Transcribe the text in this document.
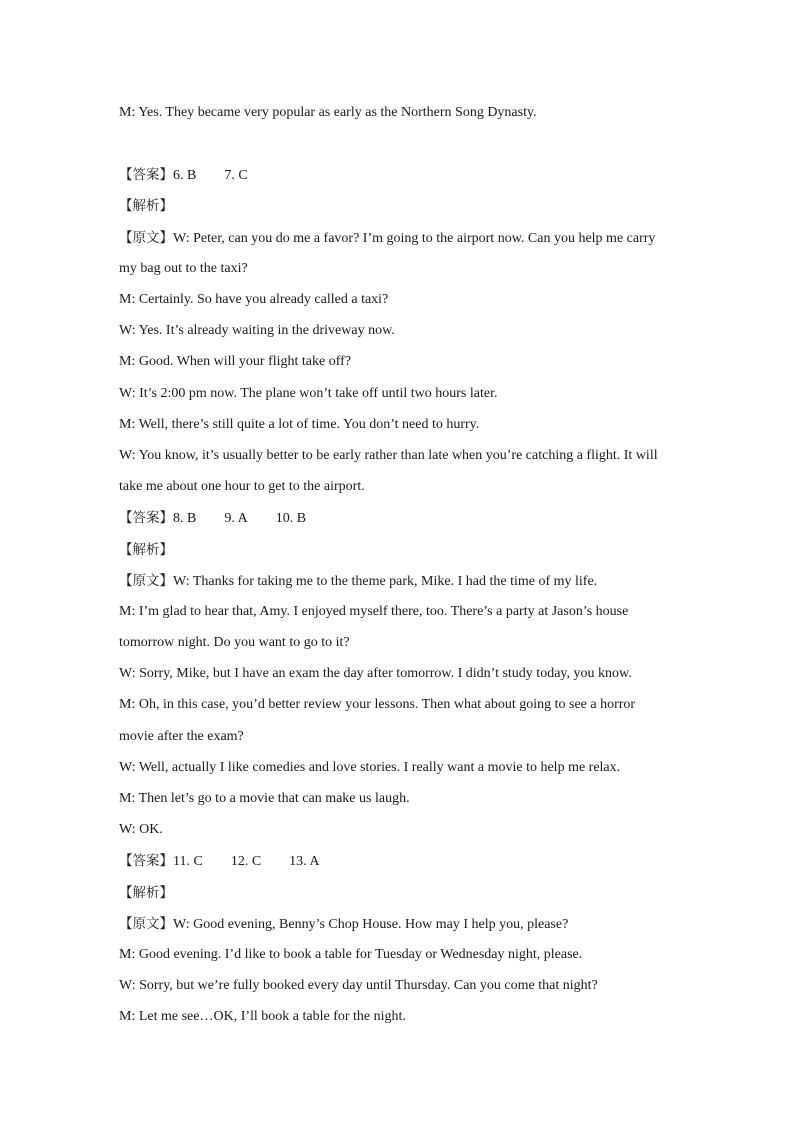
M: Yes. They became very popular as early as the Northern Song Dynasty.
【答案】6. B 7. C
【解析】
【原文】W: Peter, can you do me a favor? I’m going to the airport now. Can you help me carry
my bag out to the taxi?
M: Certainly. So have you already called a taxi?
W: Yes. It’s already waiting in the driveway now.
M: Good. When will your flight take off?
W: It’s 2:00 pm now. The plane won’t take off until two hours later.
M: Well, there’s still quite a lot of time. You don’t need to hurry.
W: You know, it’s usually better to be early rather than late when you’re catching a flight. It will
take me about one hour to get to the airport.
【答案】8. B 9. A 10. B
【解析】
【原文】W: Thanks for taking me to the theme park, Mike. I had the time of my life.
M: I’m glad to hear that, Amy. I enjoyed myself there, too. There’s a party at Jason’s house
tomorrow night. Do you want to go to it?
W: Sorry, Mike, but I have an exam the day after tomorrow. I didn’t study today, you know.
M: Oh, in this case, you’d better review your lessons. Then what about going to see a horror
movie after the exam?
W: Well, actually I like comedies and love stories. I really want a movie to help me relax.
M: Then let’s go to a movie that can make us laugh.
W: OK.
【答案】11. C 12. C 13. A
【解析】
【原文】W: Good evening, Benny’s Chop House. How may I help you, please?
M: Good evening. I’d like to book a table for Tuesday or Wednesday night, please.
W: Sorry, but we’re fully booked every day until Thursday. Can you come that night?
M: Let me see…OK, I’ll book a table for the night.
